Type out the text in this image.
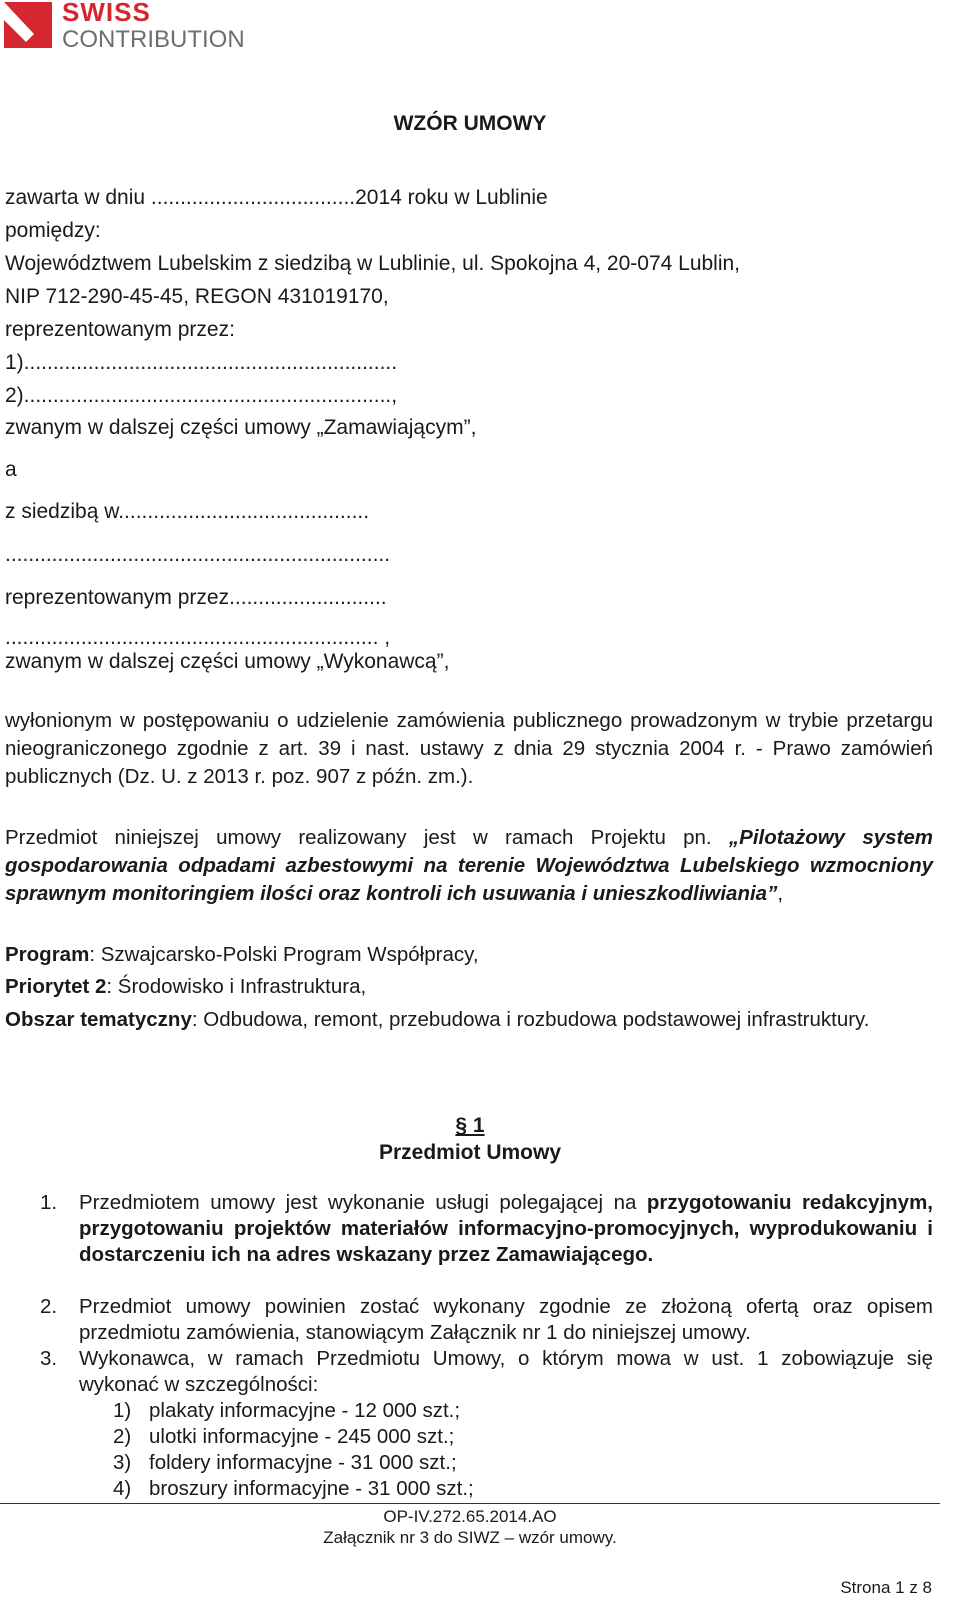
SWISS
CONTRIBUTION
WZÓR UMOWY
zawarta w dniu ...................................2014 roku w Lublinie
pomiędzy:
Województwem Lubelskim z siedzibą w Lublinie, ul. Spokojna 4, 20-074 Lublin,
NIP 712-290-45-45, REGON 431019170,
reprezentowanym przez:
1)................................................................
2)...............................................................,
zwanym w dalszej części umowy „Zamawiającym”,
a
z siedzibą w...........................................
..................................................................
reprezentowanym przez...........................
................................................................ ,
zwanym w dalszej części umowy „Wykonawcą”,
wyłonionym w postępowaniu o udzielenie zamówienia publicznego prowadzonym w trybie przetargu nieograniczonego zgodnie z art. 39 i nast. ustawy z dnia 29 stycznia 2004 r. - Prawo zamówień publicznych (Dz. U. z 2013 r. poz. 907 z późn. zm.).
Przedmiot niniejszej umowy realizowany jest w ramach Projektu pn. „Pilotażowy system gospodarowania odpadami azbestowymi na terenie Województwa Lubelskiego wzmocniony sprawnym monitoringiem ilości oraz kontroli ich usuwania i unieszkodliwiania”,
Program: Szwajcarsko-Polski Program Współpracy,
Priorytet 2: Środowisko i Infrastruktura,
Obszar tematyczny: Odbudowa, remont, przebudowa i rozbudowa podstawowej infrastruktury.
§ 1
Przedmiot Umowy
1.	Przedmiotem umowy jest wykonanie usługi polegającej na przygotowaniu redakcyjnym, przygotowaniu projektów materiałów informacyjno-promocyjnych, wyprodukowaniu i dostarczeniu ich na adres wskazany przez Zamawiającego.
2.	Przedmiot umowy powinien zostać wykonany zgodnie ze złożoną ofertą oraz opisem przedmiotu zamówienia, stanowiącym Załącznik nr 1 do niniejszej umowy.
3.	Wykonawca, w ramach Przedmiotu Umowy, o którym mowa w ust. 1 zobowiązuje się wykonać w szczególności:
1) plakaty informacyjne - 12 000 szt.;
2) ulotki informacyjne - 245 000 szt.;
3) foldery informacyjne - 31 000 szt.;
4) broszury informacyjne - 31 000 szt.;
OP-IV.272.65.2014.AO
Załącznik nr 3 do SIWZ – wzór umowy.
Strona 1 z 8
